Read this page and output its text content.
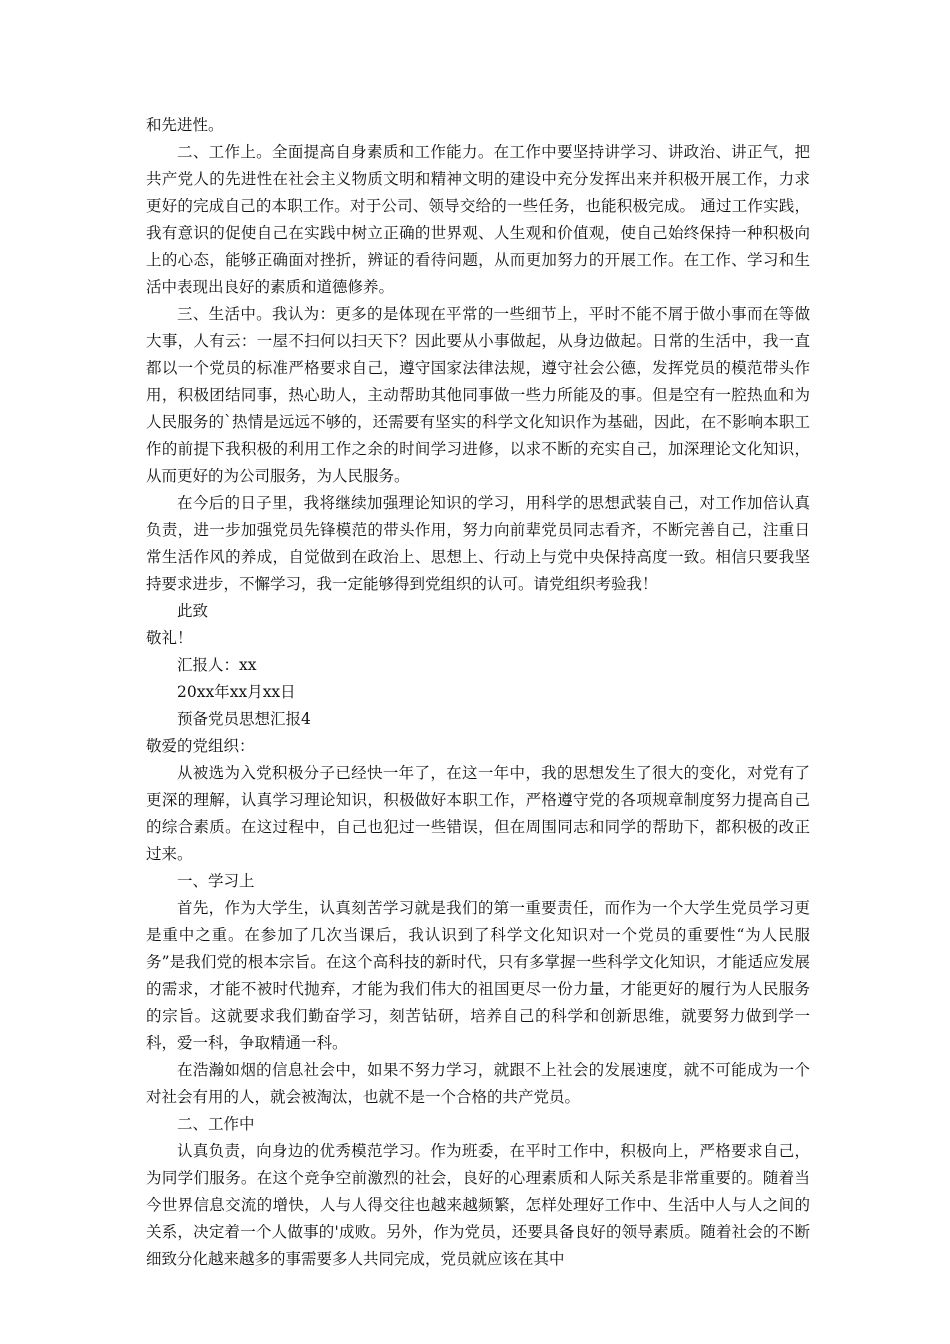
和先进性。

二、工作上。全面提高自身素质和工作能力。在工作中要坚持讲学习、讲政治、讲正气，把共产党人的先进性在社会主义物质文明和精神文明的建设中充分发挥出来并积极开展工作，力求更好的完成自己的本职工作。对于公司、领导交给的一些任务，也能积极完成。 通过工作实践，我有意识的促使自己在实践中树立正确的世界观、人生观和价值观，使自己始终保持一种积极向上的心态，能够正确面对挫折，辨证的看待问题，从而更加努力的开展工作。在工作、学习和生活中表现出良好的素质和道德修养。

三、生活中。我认为：更多的是体现在平常的一些细节上，平时不能不屑于做小事而在等做大事，人有云：一屋不扫何以扫天下？因此要从小事做起，从身边做起。日常的生活中，我一直都以一个党员的标准严格要求自己，遵守国家法律法规，遵守社会公德，发挥党员的模范带头作用，积极团结同事，热心助人，主动帮助其他同事做一些力所能及的事。但是空有一腔热血和为人民服务的`热情是远远不够的，还需要有坚实的科学文化知识作为基础，因此，在不影响本职工作的前提下我积极的利用工作之余的时间学习进修，以求不断的充实自己，加深理论文化知识，从而更好的为公司服务，为人民服务。

在今后的日子里，我将继续加强理论知识的学习，用科学的思想武装自己，对工作加倍认真负责，进一步加强党员先锋模范的带头作用，努力向前辈党员同志看齐，不断完善自己，注重日常生活作风的养成，自觉做到在政治上、思想上、行动上与党中央保持高度一致。相信只要我坚持要求进步，不懈学习，我一定能够得到党组织的认可。请党组织考验我！

此致

敬礼！

汇报人：xx

20xx年xx月xx日

预备党员思想汇报4

敬爱的党组织：

从被选为入党积极分子已经快一年了，在这一年中，我的思想发生了很大的变化，对党有了更深的理解，认真学习理论知识，积极做好本职工作，严格遵守党的各项规章制度努力提高自己的综合素质。在这过程中，自己也犯过一些错误，但在周围同志和同学的帮助下，都积极的改正过来。

一、学习上

首先，作为大学生，认真刻苦学习就是我们的第一重要责任，而作为一个大学生党员学习更是重中之重。在参加了几次当课后，我认识到了科学文化知识对一个党员的重要性“为人民服务”是我们党的根本宗旨。在这个高科技的新时代，只有多掌握一些科学文化知识，才能适应发展的需求，才能不被时代抛弃，才能为我们伟大的祖国更尽一份力量，才能更好的履行为人民服务的宗旨。这就要求我们勤奋学习，刻苦钻研，培养自己的科学和创新思维，就要努力做到学一科，爱一科，争取精通一科。

在浩瀚如烟的信息社会中，如果不努力学习，就跟不上社会的发展速度，就不可能成为一个对社会有用的人，就会被淘汰，也就不是一个合格的共产党员。

二、工作中

认真负责，向身边的优秀模范学习。作为班委，在平时工作中，积极向上，严格要求自己，为同学们服务。在这个竞争空前激烈的社会，良好的心理素质和人际关系是非常重要的。随着当今世界信息交流的增快，人与人得交往也越来越频繁，怎样处理好工作中、生活中人与人之间的关系，决定着一个人做事的'成败。另外，作为党员，还要具备良好的领导素质。随着社会的不断细致分化越来越多的事需要多人共同完成，党员就应该在其中
